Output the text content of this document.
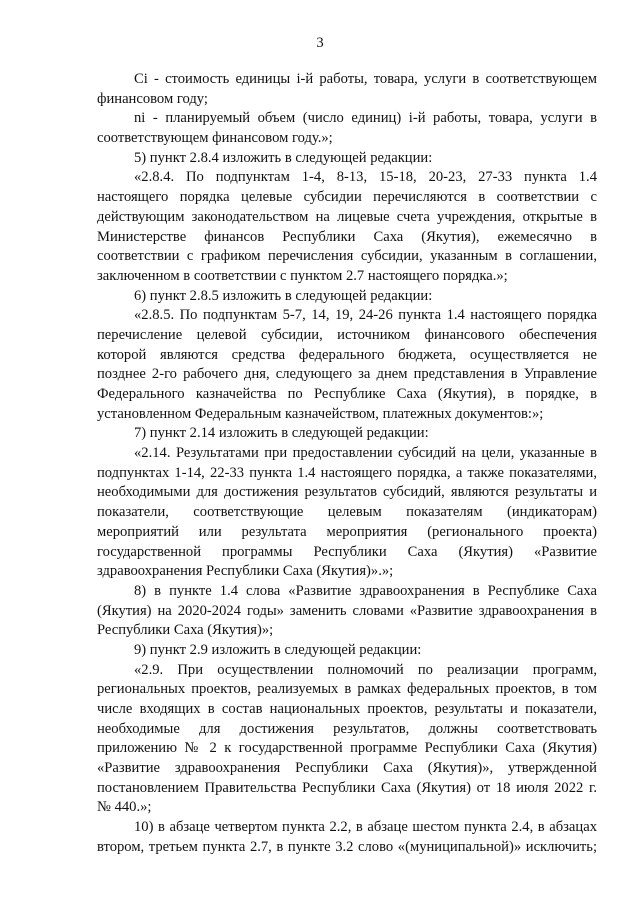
3
Ci - стоимость единицы i-й работы, товара, услуги в соответствующем
финансовом году;
ni - планируемый объем (число единиц) i-й работы, товара, услуги в
соответствующем финансовом году.»;
5) пункт 2.8.4 изложить в следующей редакции:
«2.8.4. По подпунктам 1-4, 8-13, 15-18, 20-23, 27-33 пункта 1.4
настоящего порядка целевые субсидии перечисляются в соответствии с
действующим законодательством на лицевые счета учреждения, открытые в
Министерстве финансов Республики Саха (Якутия), ежемесячно в
соответствии с графиком перечисления субсидии, указанным в соглашении,
заключенном в соответствии с пунктом 2.7 настоящего порядка.»;
6) пункт 2.8.5 изложить в следующей редакции:
«2.8.5. По подпунктам 5-7, 14, 19, 24-26 пункта 1.4 настоящего порядка
перечисление целевой субсидии, источником финансового обеспечения
которой являются средства федерального бюджета, осуществляется не
позднее 2-го рабочего дня, следующего за днем представления в Управление
Федерального казначейства по Республике Саха (Якутия), в порядке, в
установленном Федеральным казначейством, платежных документов:»;
7) пункт 2.14 изложить в следующей редакции:
«2.14. Результатами при предоставлении субсидий на цели, указанные в
подпунктах 1-14, 22-33 пункта 1.4 настоящего порядка, а также показателями,
необходимыми для достижения результатов субсидий, являются результаты и
показатели, соответствующие целевым показателям (индикаторам)
мероприятий или результата мероприятия (регионального проекта)
государственной программы Республики Саха (Якутия) «Развитие
здравоохранения Республики Саха (Якутия)».»;
8) в пункте 1.4 слова «Развитие здравоохранения в Республике Саха
(Якутия) на 2020-2024 годы» заменить словами «Развитие здравоохранения в
Республики Саха (Якутия)»;
9) пункт 2.9 изложить в следующей редакции:
«2.9. При осуществлении полномочий по реализации программ,
региональных проектов, реализуемых в рамках федеральных проектов, в том
числе входящих в состав национальных проектов, результаты и показатели,
необходимые для достижения результатов, должны соответствовать
приложению № 2 к государственной программе Республики Саха (Якутия)
«Развитие здравоохранения Республики Саха (Якутия)», утвержденной
постановлением Правительства Республики Саха (Якутия) от 18 июля 2022 г.
№ 440.»;
10) в абзаце четвертом пункта 2.2, в абзаце шестом пункта 2.4, в абзацах
втором, третьем пункта 2.7, в пункте 3.2 слово «(муниципальной)» исключить;
